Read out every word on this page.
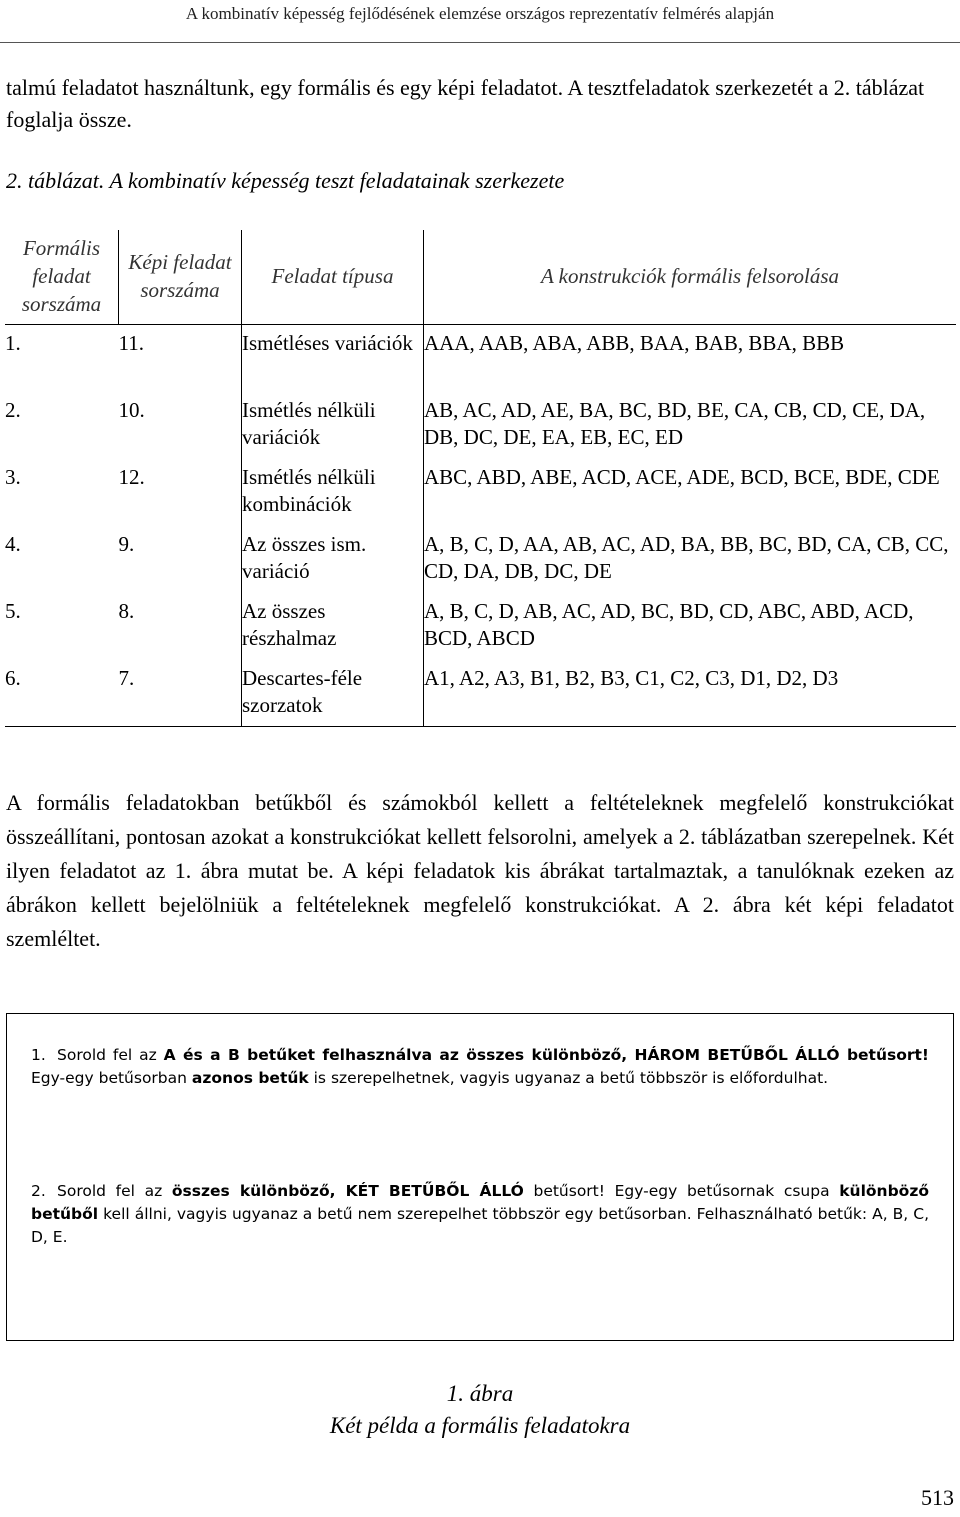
A kombinatív képesség fejlődésének elemzése országos reprezentatív felmérés alapján

talmú feladatot használtunk, egy formális és egy képi feladatot. A tesztfeladatok szerkezetét a 2. táblázat foglalja össze.

2. táblázat. A kombinatív képesség teszt feladatainak szerkezete
Formális feladat sorszáma	Képi feladat sorszáma	Feladat típusa	A konstrukciók formális felsorolása
1.	11.	Ismétléses variációk	AAA, AAB, ABA, ABB, BAA, BAB, BBA, BBB
2.	10.	Ismétlés nélküli variációk	AB, AC, AD, AE, BA, BC, BD, BE, CA, CB, CD, CE, DA, DB, DC, DE, EA, EB, EC, ED
3.	12.	Ismétlés nélküli kombinációk	ABC, ABD, ABE, ACD, ACE, ADE, BCD, BCE, BDE, CDE
4.	9.	Az összes ism. variáció	A, B, C, D, AA, AB, AC, AD, BA, BB, BC, BD, CA, CB, CC, CD, DA, DB, DC, DE
5.	8.	Az összes részhalmaz	A, B, C, D, AB, AC, AD, BC, BD, CD, ABC, ABD, ACD, BCD, ABCD
6.	7.	Descartes-féle szorzatok	A1, A2, A3, B1, B2, B3, C1, C2, C3, D1, D2, D3

A formális feladatokban betűkből és számokból kellett a feltételeknek megfelelő konstrukciókat összeállítani, pontosan azokat a konstrukciókat kellett felsorolni, amelyek a 2. táblázatban szerepelnek. Két ilyen feladatot az 1. ábra mutat be. A képi feladatok kis ábrákat tartalmaztak, a tanulóknak ezeken az ábrákon kellett bejelölniük a feltételeknek megfelelő konstrukciókat. A 2. ábra két képi feladatot szemléltet.

1. Sorold fel az A és a B betűket felhasználva az összes különböző, HÁROM BETŰBŐL ÁLLÓ betűsort! Egy-egy betűsorban azonos betűk is szerepelhetnek, vagyis ugyanaz a betű többször is előfordulhat.
2. Sorold fel az összes különböző, KÉT BETŰBŐL ÁLLÓ betűsort! Egy-egy betűsornak csupa különböző betűből kell állni, vagyis ugyanaz a betű nem szerepelhet többször egy betűsorban. Felhasználható betűk: A, B, C, D, E.
1. ábra
Két példa a formális feladatokra
513
